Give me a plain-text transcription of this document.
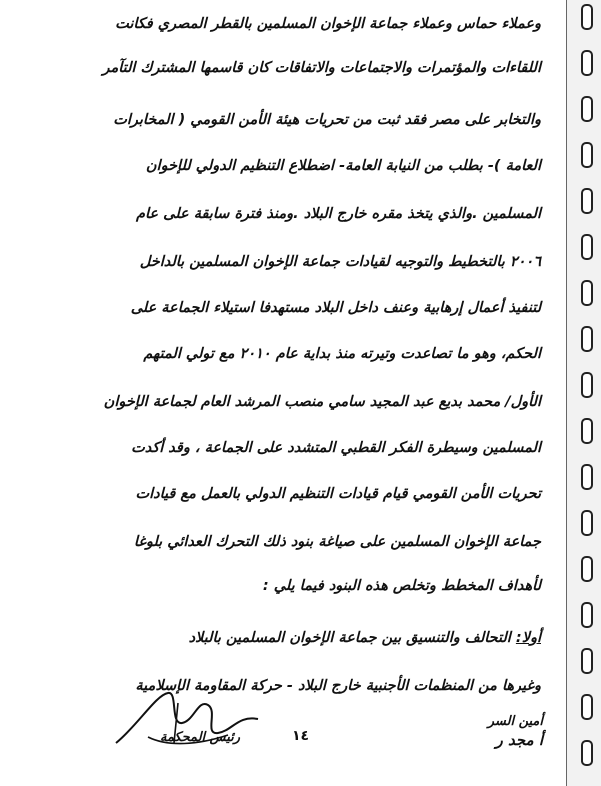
وعملاء حماس وعملاء جماعة الإخوان المسلمين بالقطر المصري فكانت
اللقاءات والمؤتمرات والاجتماعات والاتفاقات كان قاسمها المشترك التآمر
والتخابر على مصر فقد ثبت من تحريات هيئة الأمن القومي ( المخابرات
العامة )- بطلب من النيابة العامة- اضطلاع التنظيم الدولي للإخوان
المسلمين .والذي يتخذ مقره خارج البلاد .ومنذ فترة سابقة على عام
٢٠٠٦ بالتخطيط والتوجيه لقيادات جماعة الإخوان المسلمين بالداخل
لتنفيذ أعمال إرهابية وعنف داخل البلاد مستهدفا استيلاء الجماعة على
الحكم، وهو ما تصاعدت وتيرته منذ بداية عام ٢٠١٠ مع تولي المتهم
الأول/ محمد بديع عبد المجيد سامي منصب المرشد العام لجماعة الإخوان
المسلمين وسيطرة الفكر القطبي المتشدد على الجماعة ، وقد أكدت
تحريات الأمن القومي قيام قيادات التنظيم الدولي بالعمل مع قيادات
جماعة الإخوان المسلمين على صياغة بنود ذلك التحرك العدائي بلوغا
لأهداف المخطط وتخلص هذه البنود فيما يلي :
أولا: التحالف والتنسيق بين جماعة الإخوان المسلمين بالبلاد
وغيرها من المنظمات الأجنبية خارج البلاد - حركة المقاومة الإسلامية
أمين السر
أ مجد ر
١٤
رئيس المحكمة
